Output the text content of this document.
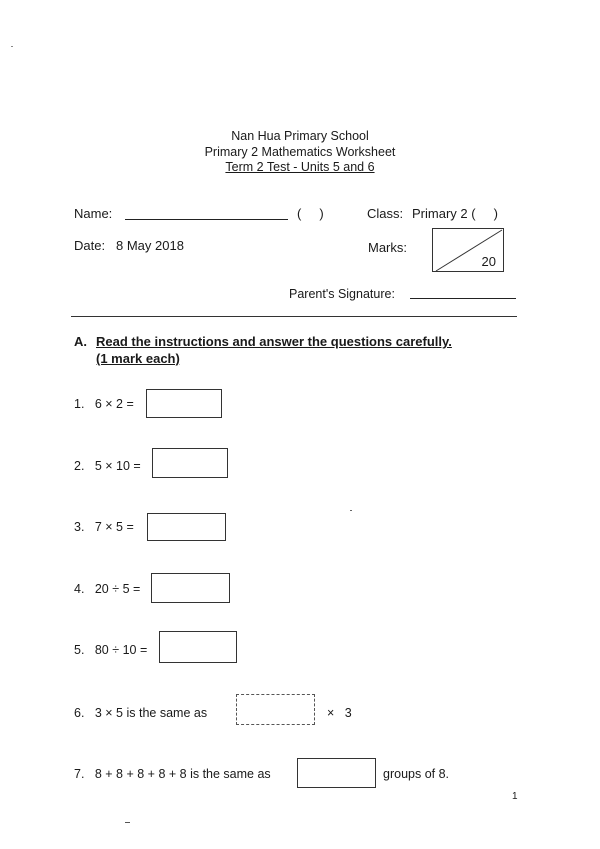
Nan Hua Primary School
Primary 2 Mathematics Worksheet
Term 2 Test - Units 5 and 6
Name:	(     )	Class: Primary 2 (     )
Date: 8 May 2018	Marks:
20
Parent's Signature:
A. Read the instructions and answer the questions carefully.
(1 mark each)
1. 6 × 2 =
2. 5 × 10 =
3. 7 × 5 =
4. 20 ÷ 5 =
5. 80 ÷ 10 =
6. 3 × 5 is the same as	×   3
7. 8 + 8 + 8 + 8 + 8 is the same as	groups of 8.
1
